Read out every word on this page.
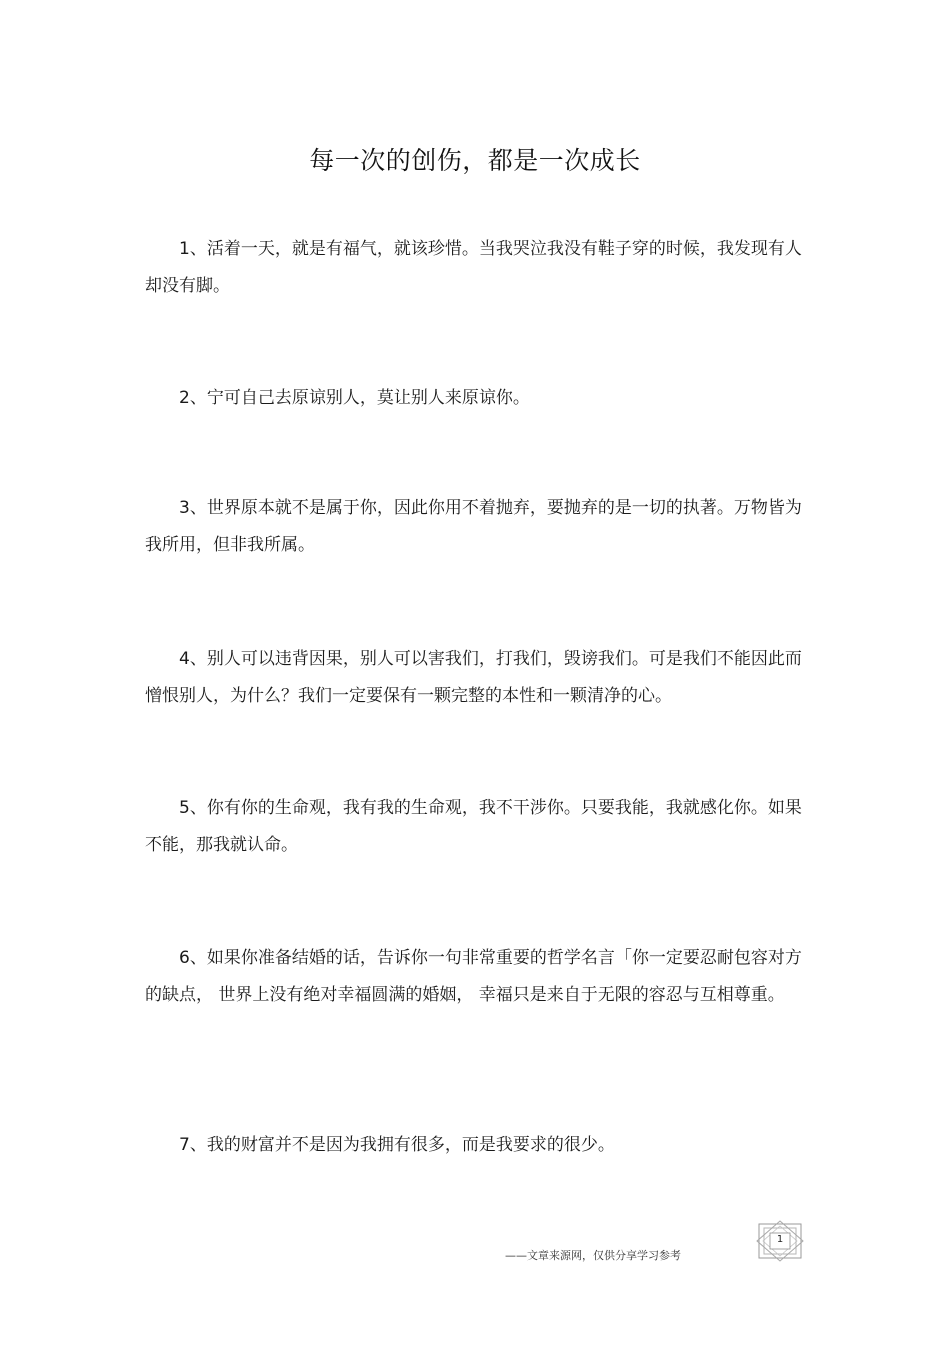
每一次的创伤，都是一次成长
1、活着一天，就是有福气，就该珍惜。当我哭泣我没有鞋子穿的时候，我发现有人却没有脚。
2、宁可自己去原谅别人，莫让别人来原谅你。
3、世界原本就不是属于你，因此你用不着抛弃，要抛弃的是一切的执著。万物皆为我所用，但非我所属。
4、别人可以违背因果，别人可以害我们，打我们，毁谤我们。可是我们不能因此而憎恨别人，为什么？我们一定要保有一颗完整的本性和一颗清净的心。
5、你有你的生命观，我有我的生命观，我不干涉你。只要我能，我就感化你。如果不能，那我就认命。
6、如果你准备结婚的话，告诉你一句非常重要的哲学名言「你一定要忍耐包容对方的缺点， 世界上没有绝对幸福圆满的婚姻， 幸福只是来自于无限的容忍与互相尊重。
7、我的财富并不是因为我拥有很多，而是我要求的很少。
——文章来源网，仅供分享学习参考
1
